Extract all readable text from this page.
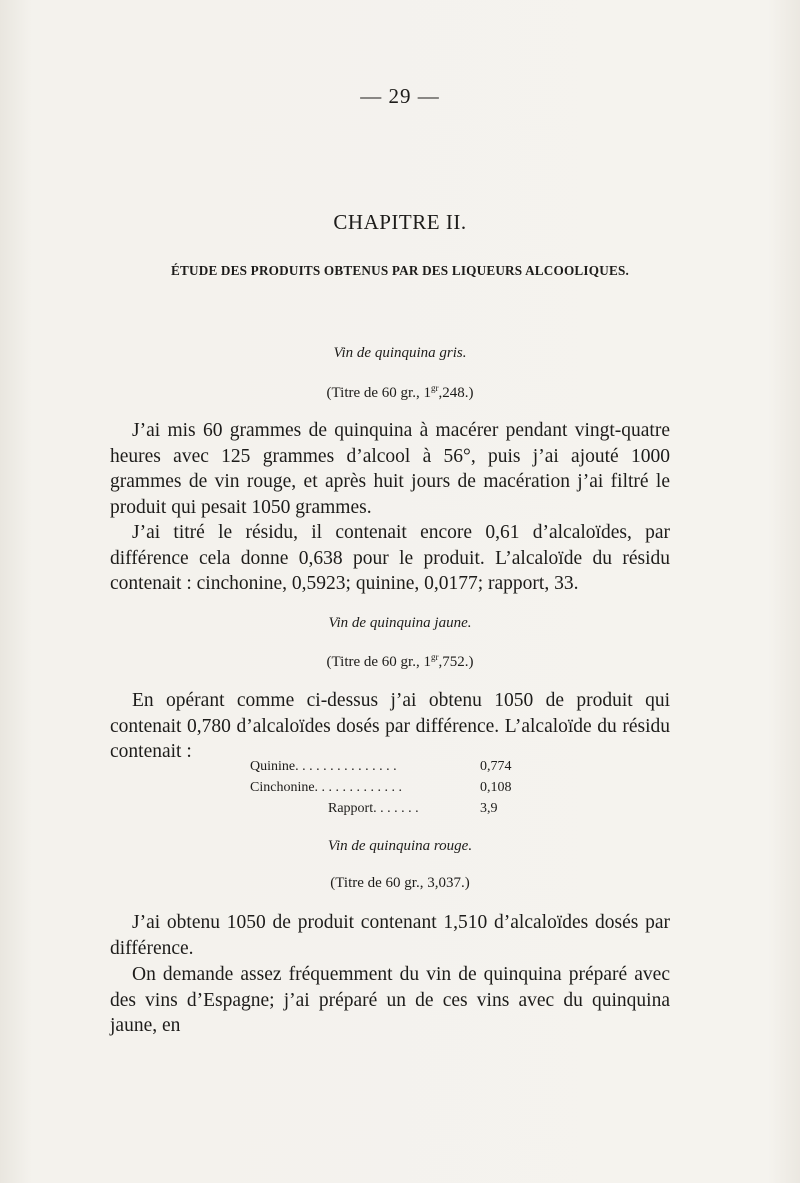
— 29 —
CHAPITRE II.
ÉTUDE DES PRODUITS OBTENUS PAR DES LIQUEURS ALCOOLIQUES.
Vin de quinquina gris.
(Titre de 60 gr., $1^{gr},248$.)
J’ai mis 60 grammes de quinquina à macérer pendant vingt-quatre heures avec 125 grammes d’alcool à 56°, puis j’ai ajouté 1000 grammes de vin rouge, et après huit jours de macération j’ai filtré le produit qui pesait 1050 grammes.
J’ai titré le résidu, il contenait encore 0,61 d’alcaloïdes, par différence cela donne 0,638 pour le produit. L’alcaloïde du résidu contenait : cinchonine, 0,5923; quinine, 0,0177; rapport, 33.
Vin de quinquina jaune.
(Titre de 60 gr., $1^{gr},752$.)
En opérant comme ci-dessus j’ai obtenu 1050 de produit qui contenait 0,780 d’alcaloïdes dosés par différence. L’alcaloïde du résidu contenait :
Quinine. . . . . . . . . . . . . . .	0,774
Cinchonine. . . . . . . . . . . . .	0,108
Rapport. . . . . . .	3,9
Vin de quinquina rouge.
(Titre de 60 gr., 3,037.)
J’ai obtenu 1050 de produit contenant 1,510 d’alcaloïdes dosés par différence.
On demande assez fréquemment du vin de quinquina préparé avec des vins d’Espagne; j’ai préparé un de ces vins avec du quinquina jaune, en
